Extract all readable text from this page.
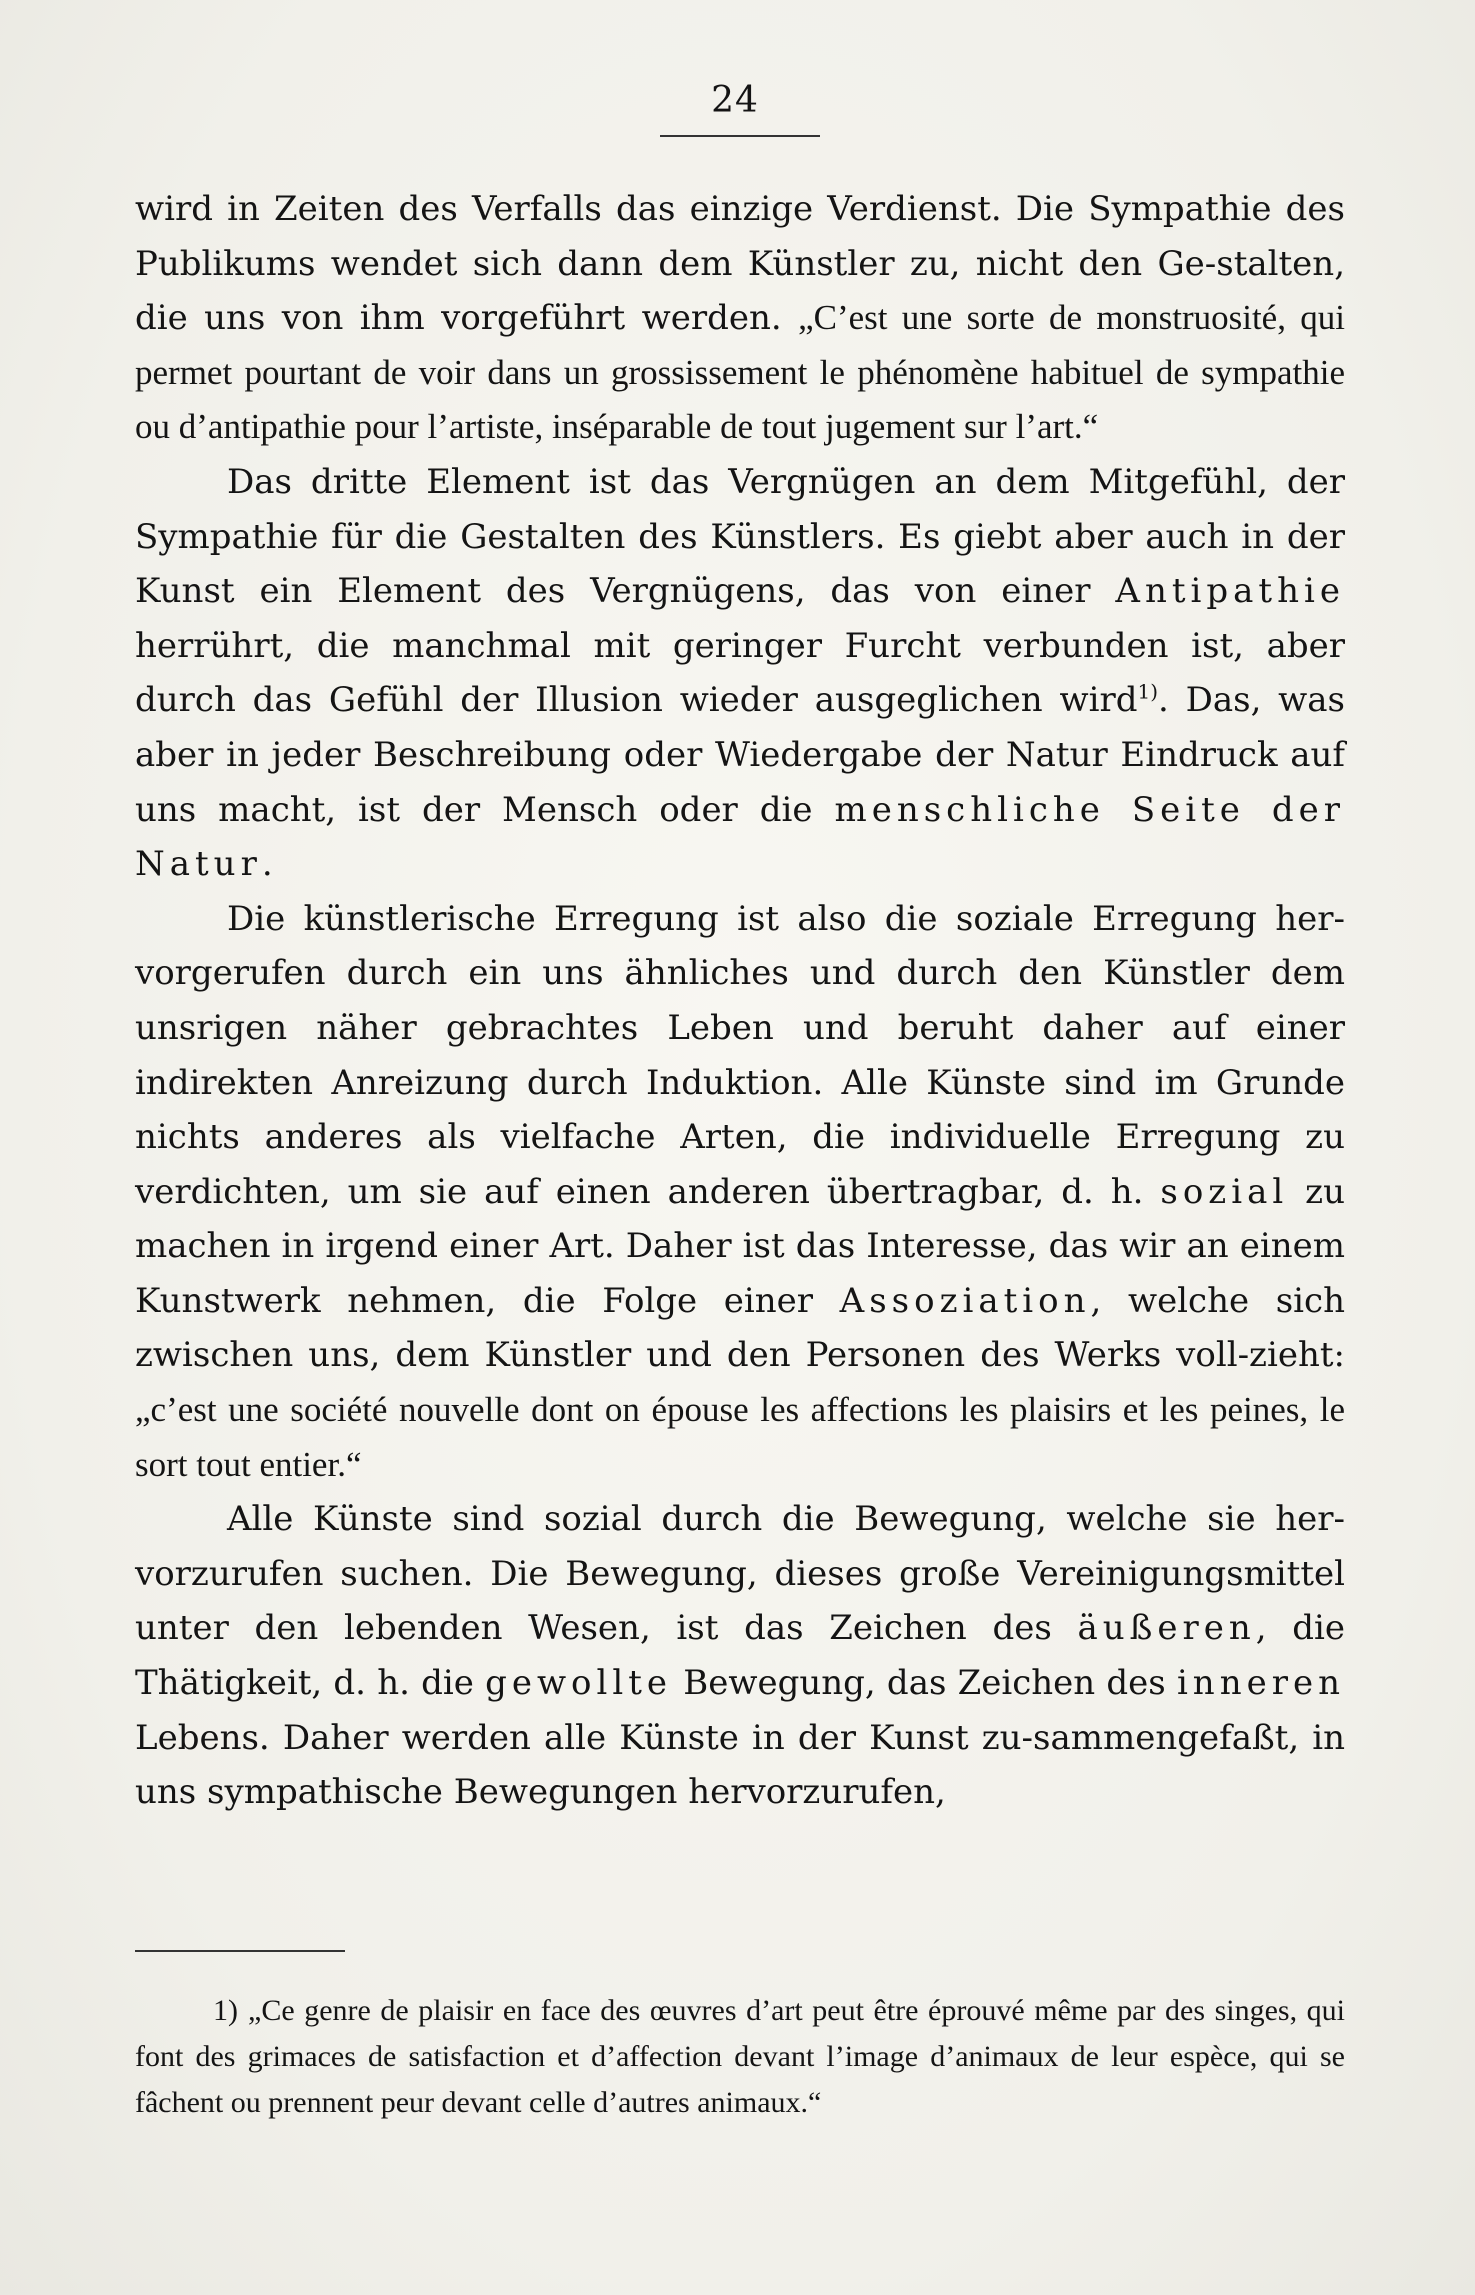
24

wird in Zeiten des Verfalls das einzige Verdienst. Die Sympathie des Publikums wendet sich dann dem Künstler zu, nicht den Ge-stalten, die uns von ihm vorgeführt werden. „C’est une sorte de monstruosité, qui permet pourtant de voir dans un grossissement le phénomène habituel de sympathie ou d’antipathie pour l’artiste, inséparable de tout jugement sur l’art.“

Das dritte Element ist das Vergnügen an dem Mitgefühl, der Sympathie für die Gestalten des Künstlers. Es giebt aber auch in der Kunst ein Element des Vergnügens, das von einer Antipathie herrührt, die manchmal mit geringer Furcht verbunden ist, aber durch das Gefühl der Illusion wieder ausgeglichen wird$^{1)}$. Das, was aber in jeder Beschreibung oder Wiedergabe der Natur Eindruck auf uns macht, ist der Mensch oder die menschliche Seite der Natur.

Die künstlerische Erregung ist also die soziale Erregung her-vorgerufen durch ein uns ähnliches und durch den Künstler dem unsrigen näher gebrachtes Leben und beruht daher auf einer indirekten Anreizung durch Induktion. Alle Künste sind im Grunde nichts anderes als vielfache Arten, die individuelle Erregung zu verdichten, um sie auf einen anderen übertragbar, d. h. sozial zu machen in irgend einer Art. Daher ist das Interesse, das wir an einem Kunstwerk nehmen, die Folge einer Assoziation, welche sich zwischen uns, dem Künstler und den Personen des Werks voll-zieht: „c’est une société nouvelle dont on épouse les affections les plaisirs et les peines, le sort tout entier.“

Alle Künste sind sozial durch die Bewegung, welche sie her-vorzurufen suchen. Die Bewegung, dieses große Vereinigungsmittel unter den lebenden Wesen, ist das Zeichen des äußeren, die Thätigkeit, d. h. die gewollte Bewegung, das Zeichen des inneren Lebens. Daher werden alle Künste in der Kunst zu-sammengefaßt, in uns sympathische Bewegungen hervorzurufen,

1) „Ce genre de plaisir en face des œuvres d’art peut être éprouvé même par des singes, qui font des grimaces de satisfaction et d’affection devant l’image d’animaux de leur espèce, qui se fâchent ou prennent peur devant celle d’autres animaux.“
